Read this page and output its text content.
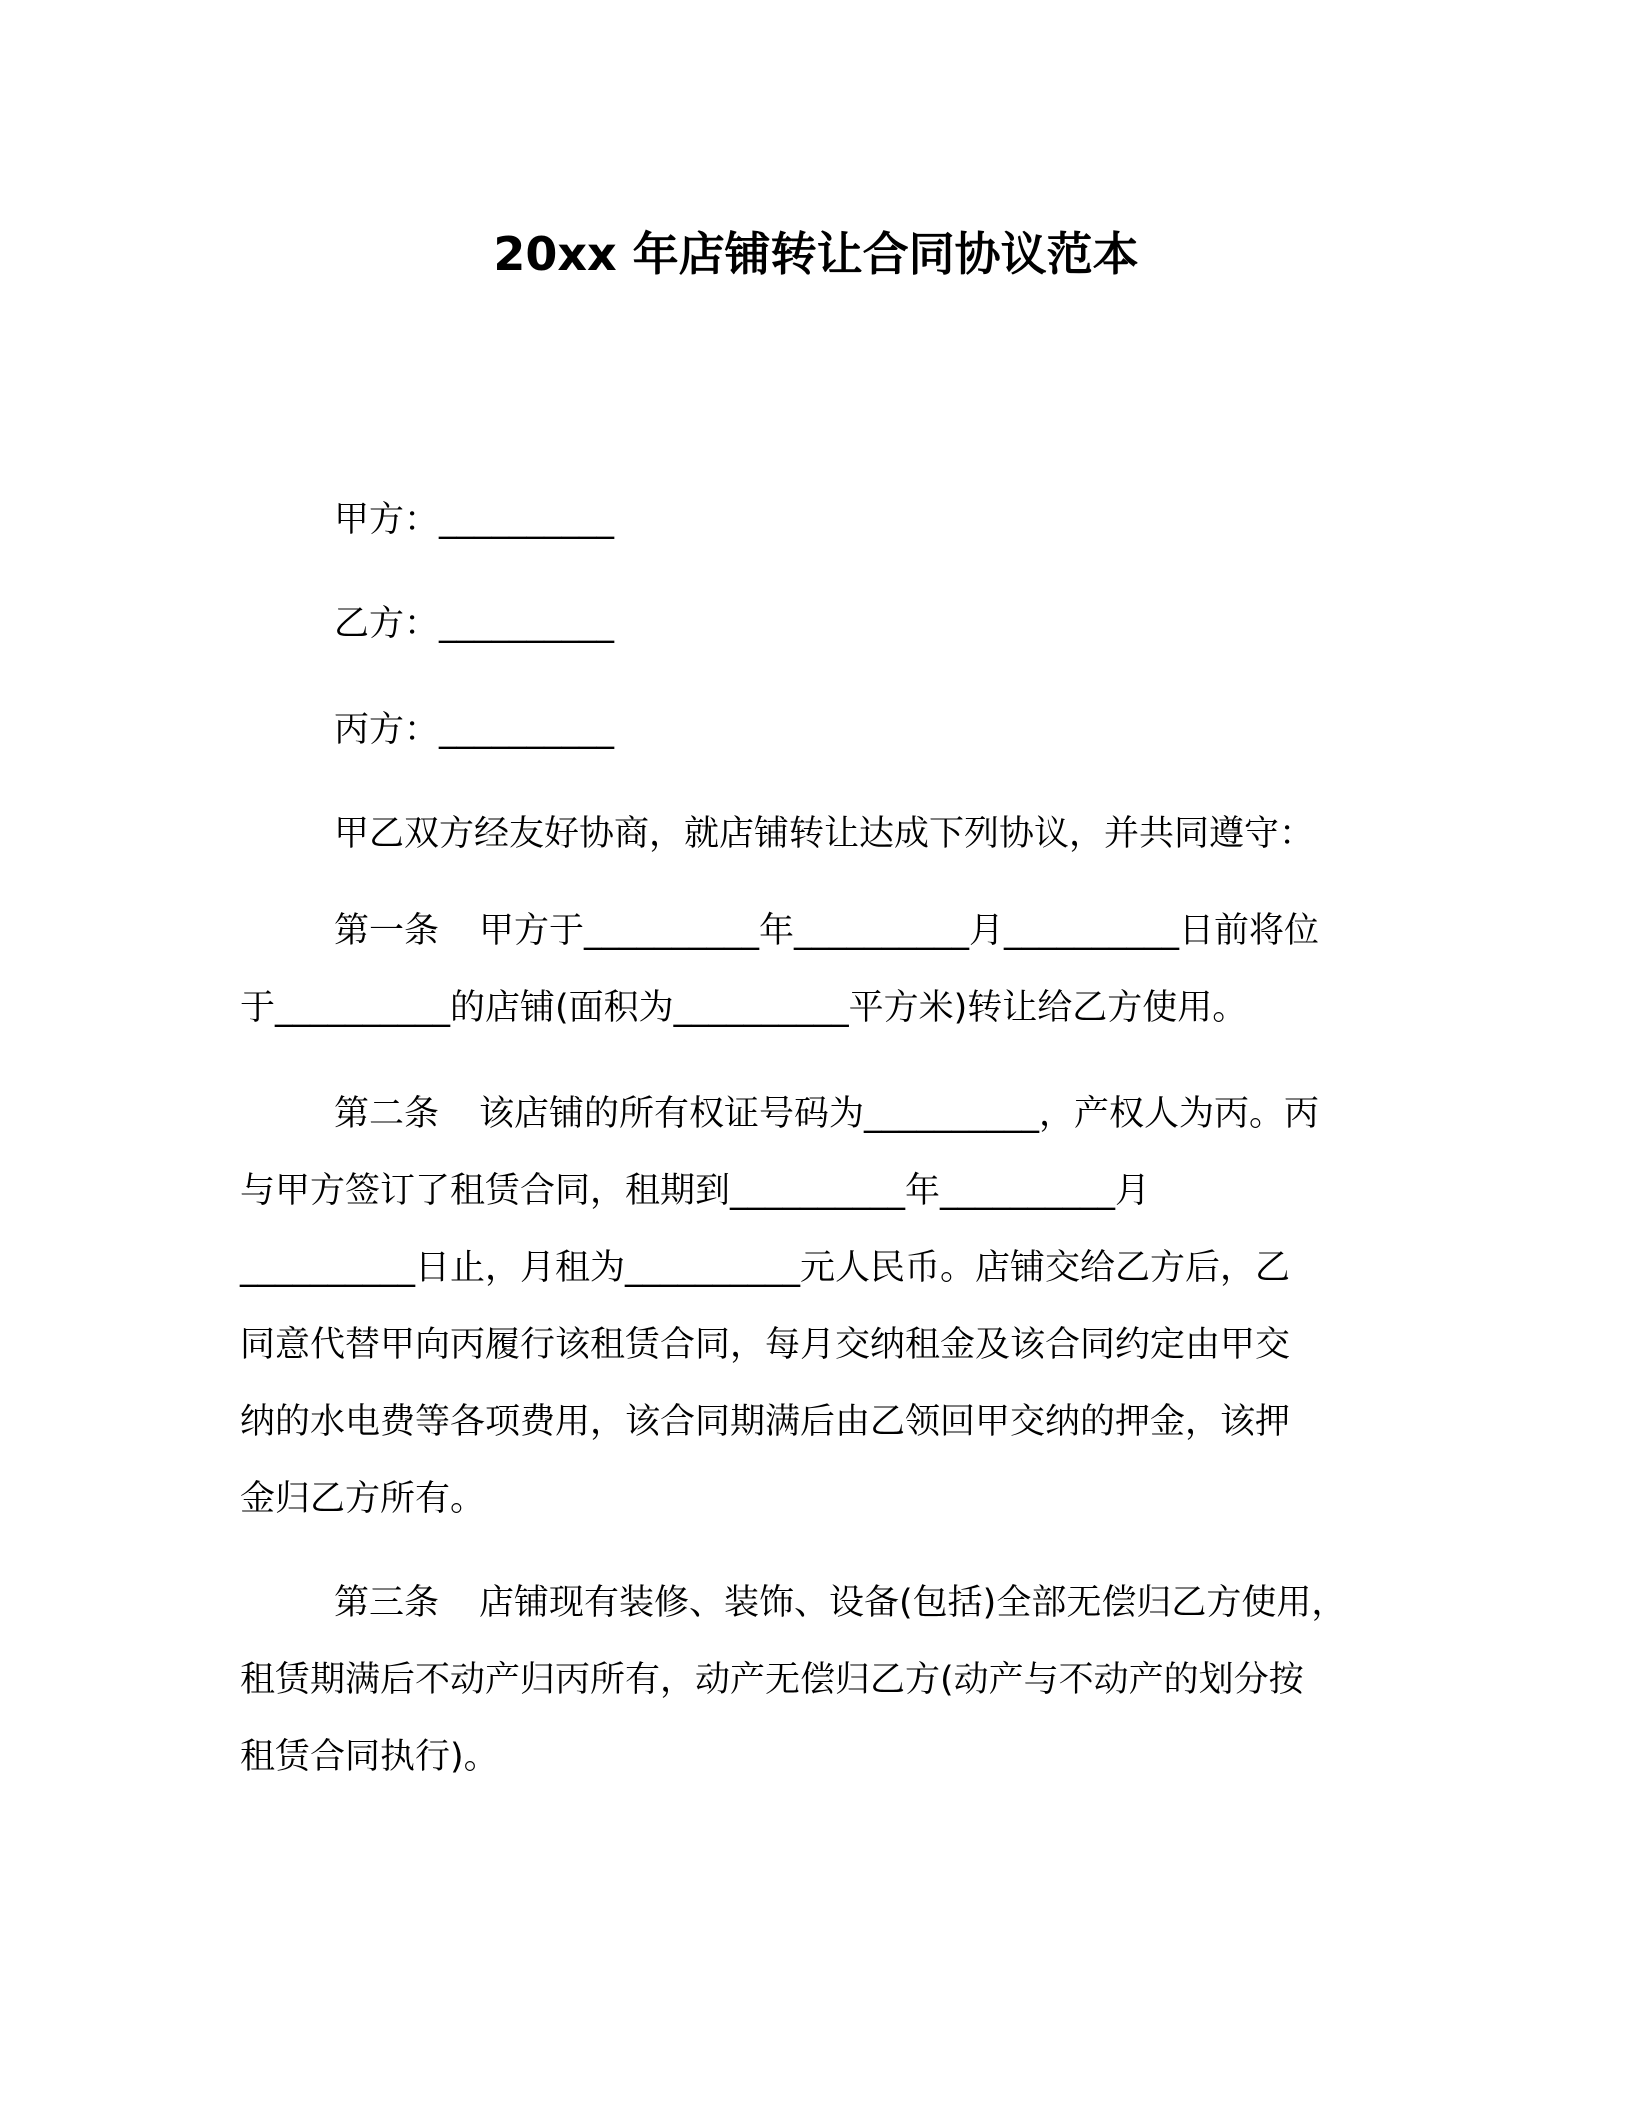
20xx 年店铺转让合同协议范本
甲方：__________
乙方：__________
丙方：__________
甲乙双方经友好协商，就店铺转让达成下列协议，并共同遵守：
第一条 甲方于__________年__________月__________日前将位
于__________的店铺(面积为__________平方米)转让给乙方使用。
第二条 该店铺的所有权证号码为__________，产权人为丙。丙
与甲方签订了租赁合同，租期到__________年__________月
__________日止，月租为__________元人民币。店铺交给乙方后，乙
同意代替甲向丙履行该租赁合同，每月交纳租金及该合同约定由甲交
纳的水电费等各项费用，该合同期满后由乙领回甲交纳的押金，该押
金归乙方所有。
第三条 店铺现有装修、装饰、设备(包括)全部无偿归乙方使用，
租赁期满后不动产归丙所有，动产无偿归乙方(动产与不动产的划分按
租赁合同执行)。
